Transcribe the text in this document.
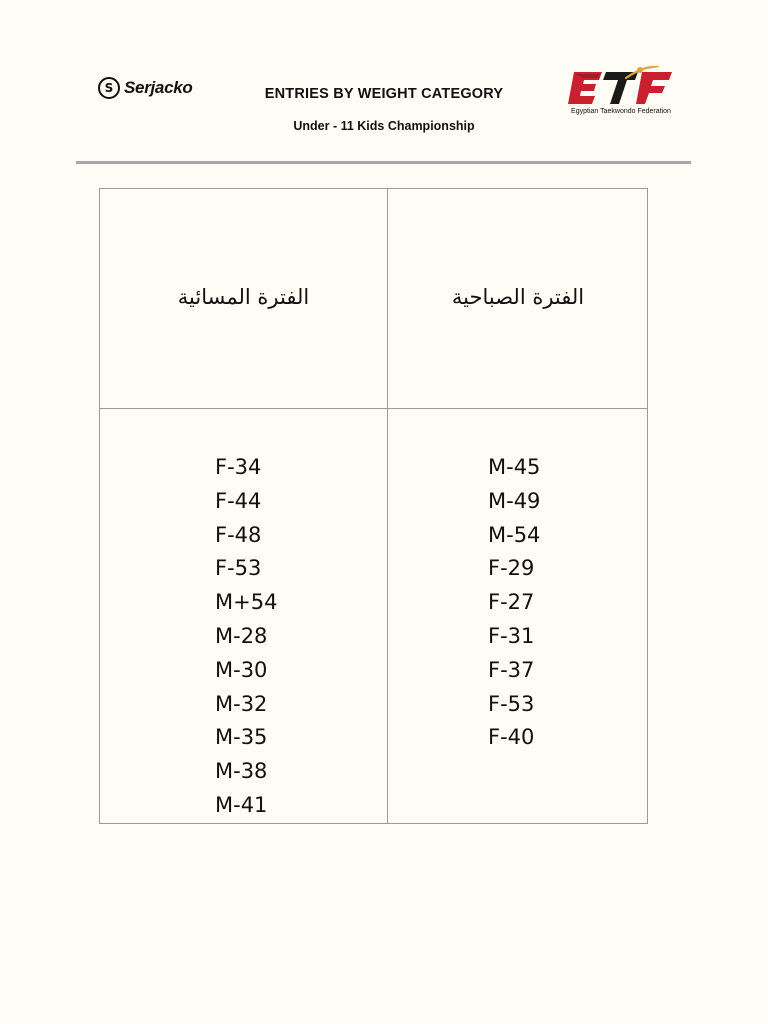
S Serjacko	ENTRIES BY WEIGHT CATEGORY
Under - 11 Kids Championship
Egyptian Taekwondo Federation
الفترة المسائية	الفترة الصباحية
F-34
F-44
F-48
F-53
M+54
M-28
M-30
M-32
M-35
M-38
M-41
M-45
M-49
M-54
F-29
F-27
F-31
F-37
F-53
F-40
